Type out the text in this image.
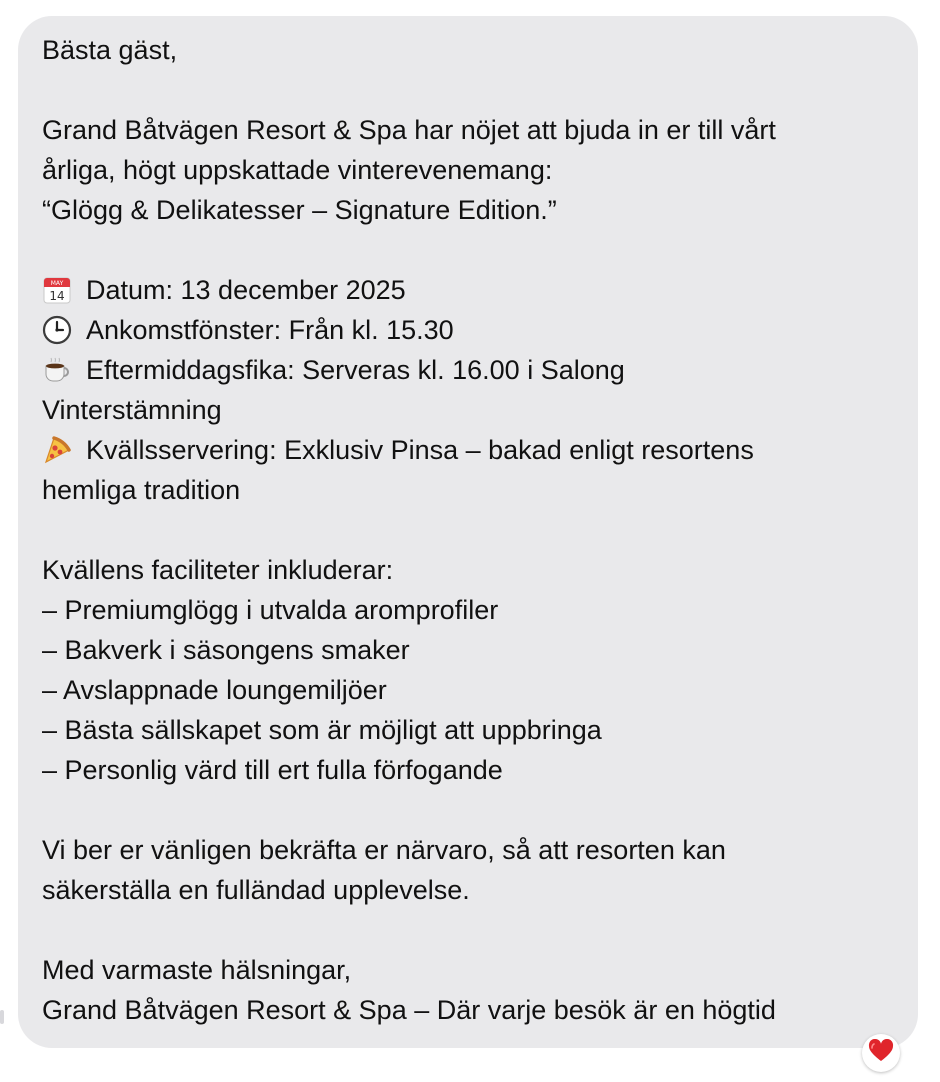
Bästa gäst,
Grand Båtvägen Resort & Spa har nöjet att bjuda in er till vårt
årliga, högt uppskattade vinterevenemang:
“Glögg & Delikatesser – Signature Edition.”
MAY
14 Datum: 13 december 2025
Ankomstfönster: Från kl. 15.30
Eftermiddagsfika: Serveras kl. 16.00 i Salong
Vinterstämning
Kvällsservering: Exklusiv Pinsa – bakad enligt resortens
hemliga tradition
Kvällens faciliteter inkluderar:
– Premiumglögg i utvalda aromprofiler
– Bakverk i säsongens smaker
– Avslappnade loungemiljöer
– Bästa sällskapet som är möjligt att uppbringa
– Personlig värd till ert fulla förfogande
Vi ber er vänligen bekräfta er närvaro, så att resorten kan
säkerställa en fulländad upplevelse.
Med varmaste hälsningar,
Grand Båtvägen Resort & Spa – Där varje besök är en högtid
